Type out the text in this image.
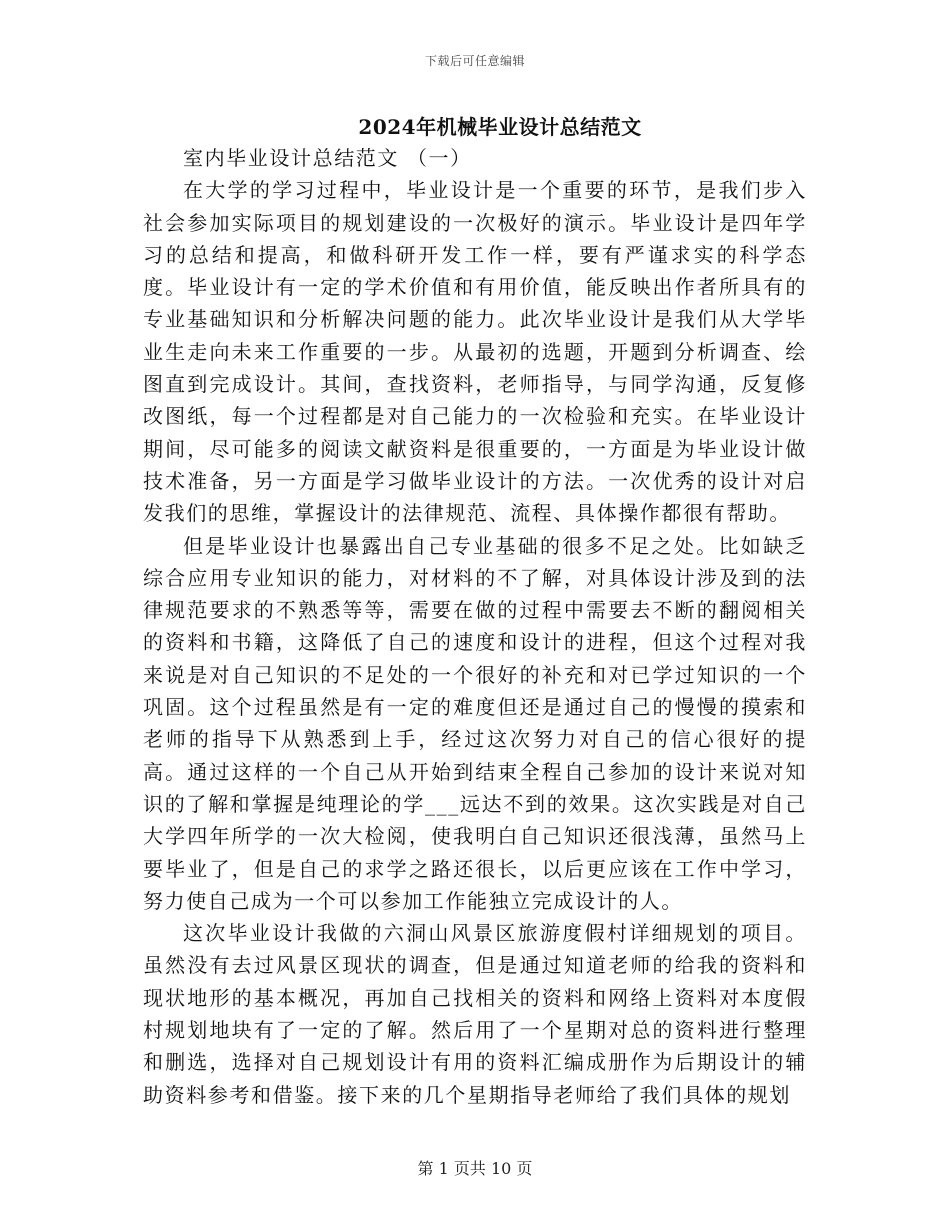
下载后可任意编辑
2024年机械毕业设计总结范文

室内毕业设计总结范文 （一）

在大学的学习过程中，毕业设计是一个重要的环节，是我们步入社会参加实际项目的规划建设的一次极好的演示。毕业设计是四年学习的总结和提高，和做科研开发工作一样，要有严谨求实的科学态度。毕业设计有一定的学术价值和有用价值，能反映出作者所具有的专业基础知识和分析解决问题的能力。此次毕业设计是我们从大学毕业生走向未来工作重要的一步。从最初的选题，开题到分析调查、绘图直到完成设计。其间，查找资料，老师指导，与同学沟通，反复修改图纸，每一个过程都是对自己能力的一次检验和充实。在毕业设计期间，尽可能多的阅读文献资料是很重要的，一方面是为毕业设计做技术准备，另一方面是学习做毕业设计的方法。一次优秀的设计对启发我们的思维，掌握设计的法律规范、流程、具体操作都很有帮助。

但是毕业设计也暴露出自己专业基础的很多不足之处。比如缺乏综合应用专业知识的能力，对材料的不了解，对具体设计涉及到的法律规范要求的不熟悉等等，需要在做的过程中需要去不断的翻阅相关的资料和书籍，这降低了自己的速度和设计的进程，但这个过程对我来说是对自己知识的不足处的一个很好的补充和对已学过知识的一个巩固。这个过程虽然是有一定的难度但还是通过自己的慢慢的摸索和老师的指导下从熟悉到上手，经过这次努力对自己的信心很好的提高。通过这样的一个自己从开始到结束全程自己参加的设计来说对知识的了解和掌握是纯理论的学___远达不到的效果。这次实践是对自己大学四年所学的一次大检阅，使我明白自己知识还很浅薄，虽然马上要毕业了，但是自己的求学之路还很长，以后更应该在工作中学习，努力使自己成为一个可以参加工作能独立完成设计的人。

这次毕业设计我做的六洞山风景区旅游度假村详细规划的项目。虽然没有去过风景区现状的调查，但是通过知道老师的给我的资料和现状地形的基本概况，再加自己找相关的资料和网络上资料对本度假村规划地块有了一定的了解。然后用了一个星期对总的资料进行整理和删选，选择对自己规划设计有用的资料汇编成册作为后期设计的辅助资料参考和借鉴。接下来的几个星期指导老师给了我们具体的规划

第 1 页共 10 页
